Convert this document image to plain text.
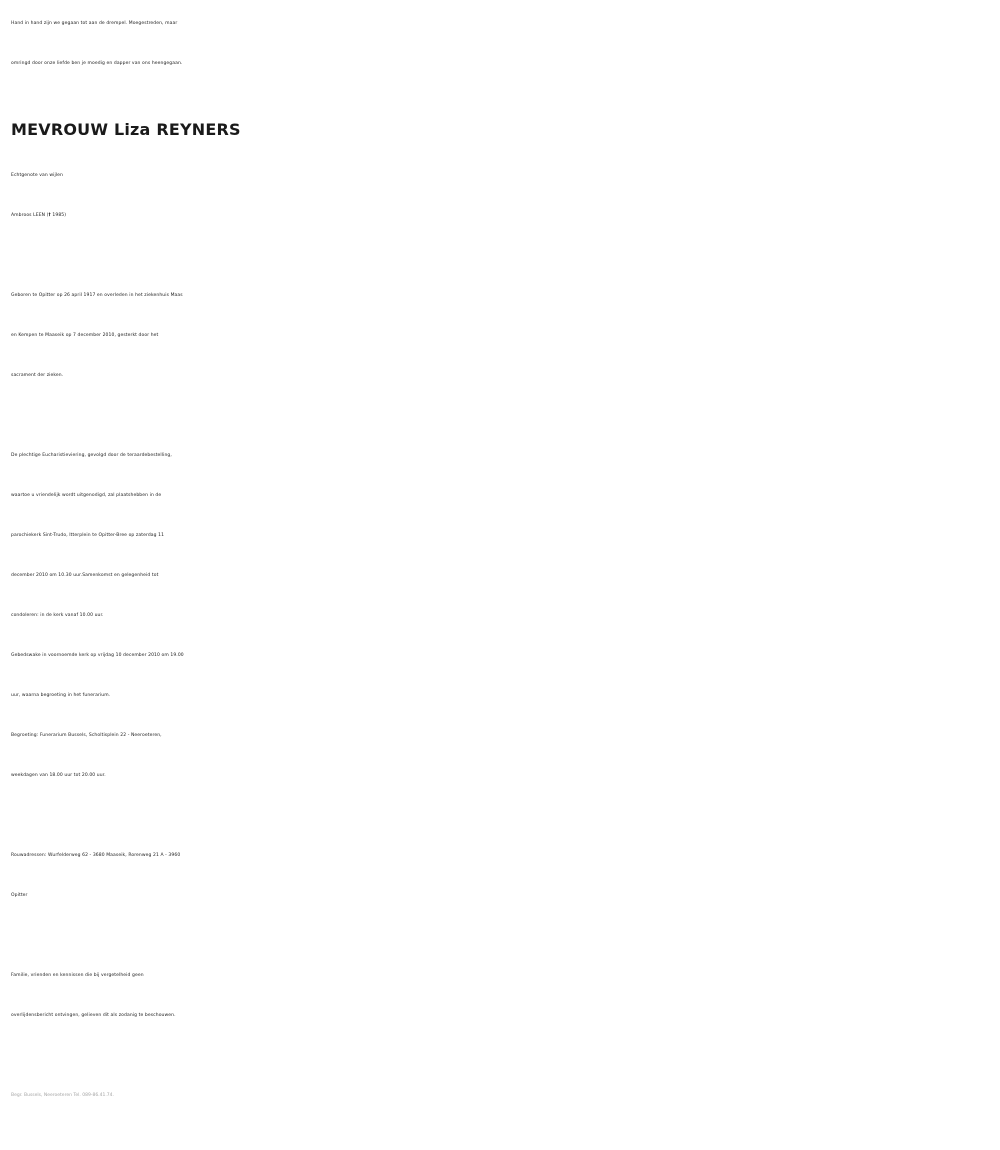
Hand in hand zijn we gegaan tot aan de drempel. Moegestreden, maar
omringd door onze liefde ben je moedig en dapper van ons heengegaan.
MEVROUW Liza REYNERS
Echtgenote van wijlen
Ambroos LEEN († 1985)
Geboren te Opitter op 26 april 1917 en overleden in het ziekenhuis Maas
en Kempen te Maaseik op 7 december 2010, gesterkt door het
sacrament der zieken.
De plechtige Eucharistieviering, gevolgd door de teraardebestelling,
waartoe u vriendelijk wordt uitgenodigd, zal plaatshebben in de
parochiekerk Sint-Trudo, Itterplein te Opitter-Bree op zaterdag 11
december 2010 om 10.30 uur.Samenkomst en gelegenheid tot
condoleren: in de kerk vanaf 10.00 uur.
Gebedswake in voornoemde kerk op vrijdag 10 december 2010 om 19.00
uur, waarna begroeting in het funerarium.
Begroeting: Funerarium Bussels, Scholtisplein 22 - Neeroeteren,
weekdagen van 18.00 uur tot 20.00 uur.
Rouwadressen: Wurfelderweg 62 - 3680 Maaseik, Rorenweg 21 A - 3960
Opitter
Familie, vrienden en kennissen die bij vergetelheid geen
overlijdensbericht ontvingen, gelieven dit als zodanig te beschouwen.
Begr. Bussels, Neeroeteren Tel. 089-86.41.74.
